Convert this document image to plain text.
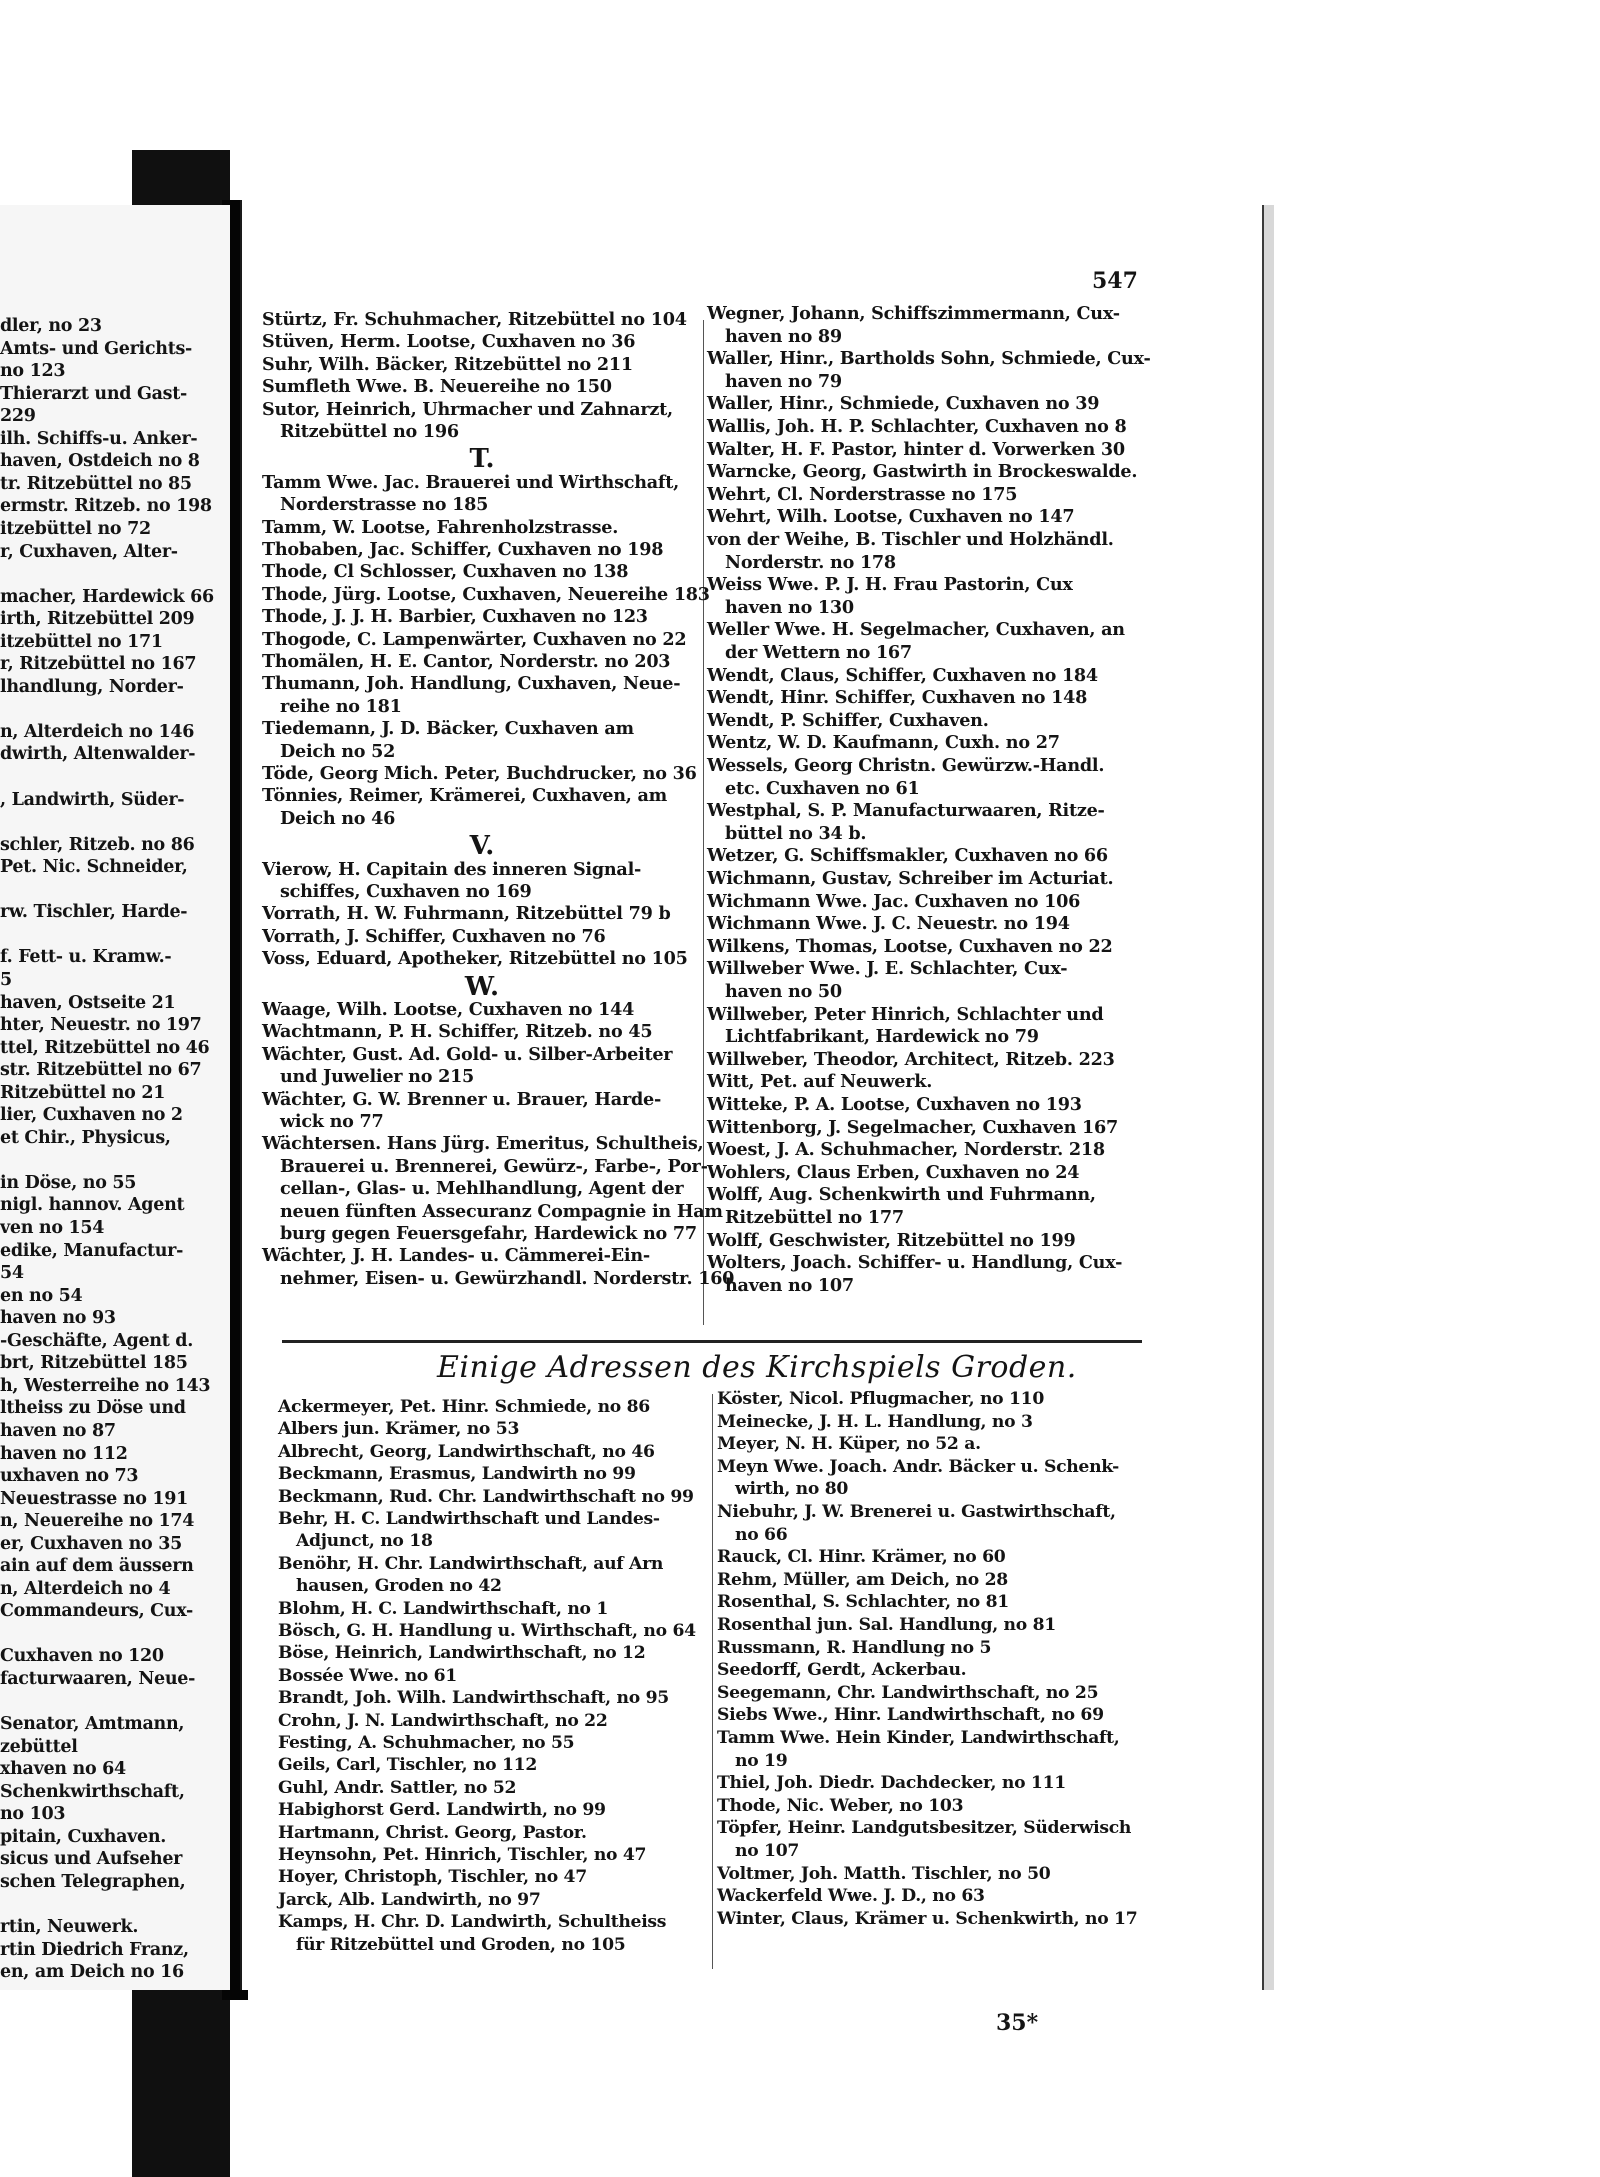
dler, no 23
Amts- und Gerichts-
no 123
Thierarzt und Gast-
229
ilh. Schiffs-u. Anker-
haven, Ostdeich no 8
tr. Ritzebüttel no 85
ermstr. Ritzeb. no 198
itzebüttel no 72
r, Cuxhaven, Alter-
macher, Hardewick 66
irth, Ritzebüttel 209
itzebüttel no 171
r, Ritzebüttel no 167
lhandlung, Norder-
n, Alterdeich no 146
dwirth, Altenwalder-
, Landwirth, Süder-
schler, Ritzeb. no 86
Pet. Nic. Schneider,
rw. Tischler, Harde-
f. Fett- u. Kramw.-
5
haven, Ostseite 21
hter, Neuestr. no 197
ttel, Ritzebüttel no 46
str. Ritzebüttel no 67
Ritzebüttel no 21
lier, Cuxhaven no 2
et Chir., Physicus,
in Döse, no 55
nigl. hannov. Agent
ven no 154
edike, Manufactur-
54
en no 54
haven no 93
-Geschäfte, Agent d.
brt, Ritzebüttel 185
h, Westerreihe no 143
ltheiss zu Döse und
haven no 87
haven no 112
uxhaven no 73
Neuestrasse no 191
n, Neuereihe no 174
er, Cuxhaven no 35
ain auf dem äussern
n, Alterdeich no 4
Commandeurs, Cux-
Cuxhaven no 120
facturwaaren, Neue-
Senator, Amtmann,
zebüttel
xhaven no 64
Schenkwirthschaft,
no 103
pitain, Cuxhaven.
sicus und Aufseher
schen Telegraphen,
rtin, Neuwerk.
rtin Diedrich Franz,
en, am Deich no 16
547
Stürtz, Fr. Schuhmacher, Ritzebüttel no 104
Stüven, Herm. Lootse, Cuxhaven no 36
Suhr, Wilh. Bäcker, Ritzebüttel no 211
Sumfleth Wwe. B. Neuereihe no 150
Sutor, Heinrich, Uhrmacher und Zahnarzt,
Ritzebüttel no 196
T.
Tamm Wwe. Jac. Brauerei und Wirthschaft,
Norderstrasse no 185
Tamm, W. Lootse, Fahrenholzstrasse.
Thobaben, Jac. Schiffer, Cuxhaven no 198
Thode, Cl Schlosser, Cuxhaven no 138
Thode, Jürg. Lootse, Cuxhaven, Neuereihe 183
Thode, J. J. H. Barbier, Cuxhaven no 123
Thogode, C. Lampenwärter, Cuxhaven no 22
Thomälen, H. E. Cantor, Norderstr. no 203
Thumann, Joh. Handlung, Cuxhaven, Neue-
reihe no 181
Tiedemann, J. D. Bäcker, Cuxhaven am
Deich no 52
Töde, Georg Mich. Peter, Buchdrucker, no 36
Tönnies, Reimer, Krämerei, Cuxhaven, am
Deich no 46
V.
Vierow, H. Capitain des inneren Signal-
schiffes, Cuxhaven no 169
Vorrath, H. W. Fuhrmann, Ritzebüttel 79 b
Vorrath, J. Schiffer, Cuxhaven no 76
Voss, Eduard, Apotheker, Ritzebüttel no 105
W.
Waage, Wilh. Lootse, Cuxhaven no 144
Wachtmann, P. H. Schiffer, Ritzeb. no 45
Wächter, Gust. Ad. Gold- u. Silber-Arbeiter
und Juwelier no 215
Wächter, G. W. Brenner u. Brauer, Harde-
wick no 77
Wächtersen. Hans Jürg. Emeritus, Schultheis,
Brauerei u. Brennerei, Gewürz-, Farbe-, Por-
cellan-, Glas- u. Mehlhandlung, Agent der
neuen fünften Assecuranz Compagnie in Ham
burg gegen Feuersgefahr, Hardewick no 77
Wächter, J. H. Landes- u. Cämmerei-Ein-
nehmer, Eisen- u. Gewürzhandl. Norderstr. 160
Wegner, Johann, Schiffszimmermann, Cux-
haven no 89
Waller, Hinr., Bartholds Sohn, Schmiede, Cux-
haven no 79
Waller, Hinr., Schmiede, Cuxhaven no 39
Wallis, Joh. H. P. Schlachter, Cuxhaven no 8
Walter, H. F. Pastor, hinter d. Vorwerken 30
Warncke, Georg, Gastwirth in Brockeswalde.
Wehrt, Cl. Norderstrasse no 175
Wehrt, Wilh. Lootse, Cuxhaven no 147
von der Weihe, B. Tischler und Holzhändl.
Norderstr. no 178
Weiss Wwe. P. J. H. Frau Pastorin, Cux
haven no 130
Weller Wwe. H. Segelmacher, Cuxhaven, an
der Wettern no 167
Wendt, Claus, Schiffer, Cuxhaven no 184
Wendt, Hinr. Schiffer, Cuxhaven no 148
Wendt, P. Schiffer, Cuxhaven.
Wentz, W. D. Kaufmann, Cuxh. no 27
Wessels, Georg Christn. Gewürzw.-Handl.
etc. Cuxhaven no 61
Westphal, S. P. Manufacturwaaren, Ritze-
büttel no 34 b.
Wetzer, G. Schiffsmakler, Cuxhaven no 66
Wichmann, Gustav, Schreiber im Acturiat.
Wichmann Wwe. Jac. Cuxhaven no 106
Wichmann Wwe. J. C. Neuestr. no 194
Wilkens, Thomas, Lootse, Cuxhaven no 22
Willweber Wwe. J. E. Schlachter, Cux-
haven no 50
Willweber, Peter Hinrich, Schlachter und
Lichtfabrikant, Hardewick no 79
Willweber, Theodor, Architect, Ritzeb. 223
Witt, Pet. auf Neuwerk.
Witteke, P. A. Lootse, Cuxhaven no 193
Wittenborg, J. Segelmacher, Cuxhaven 167
Woest, J. A. Schuhmacher, Norderstr. 218
Wohlers, Claus Erben, Cuxhaven no 24
Wolff, Aug. Schenkwirth und Fuhrmann,
Ritzebüttel no 177
Wolff, Geschwister, Ritzebüttel no 199
Wolters, Joach. Schiffer- u. Handlung, Cux-
haven no 107
Einige Adressen des Kirchspiels Groden.
Ackermeyer, Pet. Hinr. Schmiede, no 86
Albers jun. Krämer, no 53
Albrecht, Georg, Landwirthschaft, no 46
Beckmann, Erasmus, Landwirth no 99
Beckmann, Rud. Chr. Landwirthschaft no 99
Behr, H. C. Landwirthschaft und Landes-
Adjunct, no 18
Benöhr, H. Chr. Landwirthschaft, auf Arn
hausen, Groden no 42
Blohm, H. C. Landwirthschaft, no 1
Bösch, G. H. Handlung u. Wirthschaft, no 64
Böse, Heinrich, Landwirthschaft, no 12
Bossée Wwe. no 61
Brandt, Joh. Wilh. Landwirthschaft, no 95
Crohn, J. N. Landwirthschaft, no 22
Festing, A. Schuhmacher, no 55
Geils, Carl, Tischler, no 112
Guhl, Andr. Sattler, no 52
Habighorst Gerd. Landwirth, no 99
Hartmann, Christ. Georg, Pastor.
Heynsohn, Pet. Hinrich, Tischler, no 47
Hoyer, Christoph, Tischler, no 47
Jarck, Alb. Landwirth, no 97
Kamps, H. Chr. D. Landwirth, Schultheiss
für Ritzebüttel und Groden, no 105
Köster, Nicol. Pflugmacher, no 110
Meinecke, J. H. L. Handlung, no 3
Meyer, N. H. Küper, no 52 a.
Meyn Wwe. Joach. Andr. Bäcker u. Schenk-
wirth, no 80
Niebuhr, J. W. Brenerei u. Gastwirthschaft,
no 66
Rauck, Cl. Hinr. Krämer, no 60
Rehm, Müller, am Deich, no 28
Rosenthal, S. Schlachter, no 81
Rosenthal jun. Sal. Handlung, no 81
Russmann, R. Handlung no 5
Seedorff, Gerdt, Ackerbau.
Seegemann, Chr. Landwirthschaft, no 25
Siebs Wwe., Hinr. Landwirthschaft, no 69
Tamm Wwe. Hein Kinder, Landwirthschaft,
no 19
Thiel, Joh. Diedr. Dachdecker, no 111
Thode, Nic. Weber, no 103
Töpfer, Heinr. Landgutsbesitzer, Süderwisch
no 107
Voltmer, Joh. Matth. Tischler, no 50
Wackerfeld Wwe. J. D., no 63
Winter, Claus, Krämer u. Schenkwirth, no 17
35*
